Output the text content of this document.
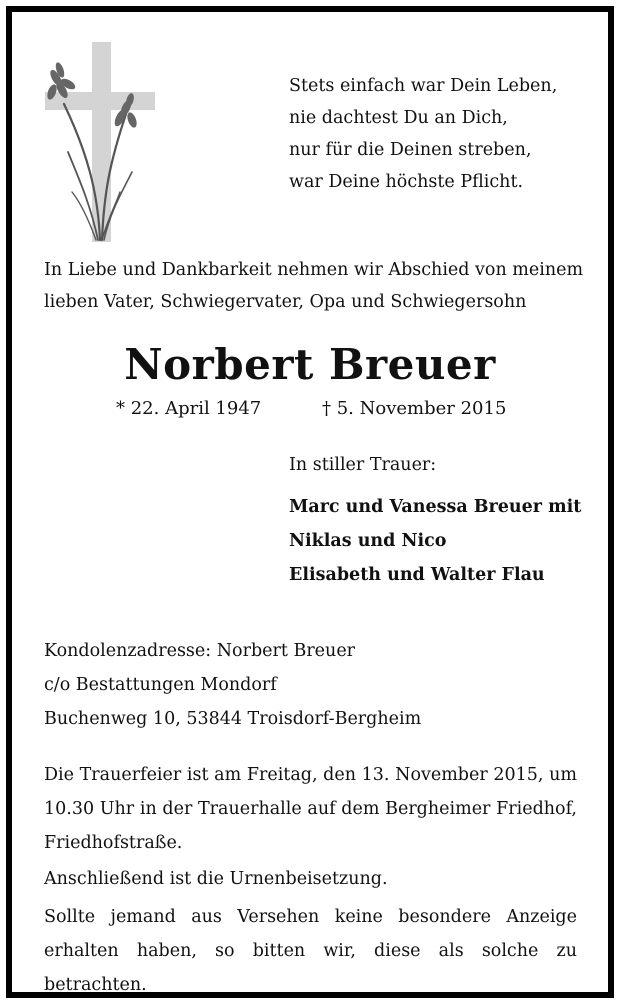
Stets einfach war Dein Leben,
nie dachtest Du an Dich,
nur für die Deinen streben,
war Deine höchste Pflicht.
In Liebe und Dankbarkeit nehmen wir Abschied von meinem
lieben Vater, Schwiegervater, Opa und Schwiegersohn
Norbert Breuer
* 22. April 1947	† 5. November 2015
In stiller Trauer:
Marc und Vanessa Breuer mit
Niklas und Nico
Elisabeth und Walter Flau
Kondolenzadresse: Norbert Breuer
c/o Bestattungen Mondorf
Buchenweg 10, 53844 Troisdorf-Bergheim
Die Trauerfeier ist am Freitag, den 13. November 2015, um 10.30 Uhr in der Trauerhalle auf dem Bergheimer Friedhof, Friedhofstraße.
Anschließend ist die Urnenbeisetzung.
Sollte jemand aus Versehen keine besondere Anzeige erhalten haben, so bitten wir, diese als solche zu betrachten.
